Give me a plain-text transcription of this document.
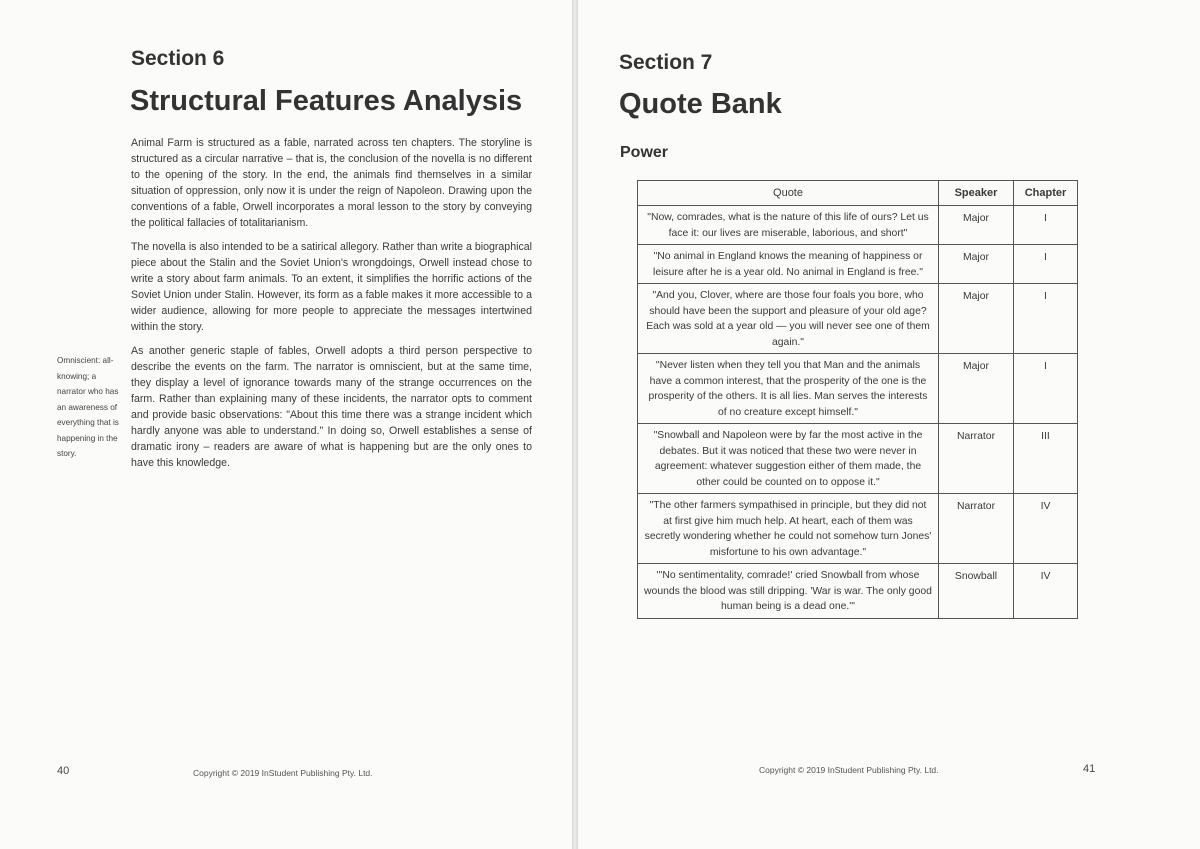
Section 6
Structural Features Analysis

Animal Farm is structured as a fable, narrated across ten chapters. The storyline is structured as a circular narrative – that is, the conclusion of the novella is no different to the opening of the story. In the end, the animals find themselves in a similar situation of oppression, only now it is under the reign of Napoleon. Drawing upon the conventions of a fable, Orwell incorporates a moral lesson to the story by conveying the political fallacies of totalitarianism.

The novella is also intended to be a satirical allegory. Rather than write a biographical piece about the Stalin and the Soviet Union's wrongdoings, Orwell instead chose to write a story about farm animals. To an extent, it simplifies the horrific actions of the Soviet Union under Stalin. However, its form as a fable makes it more accessible to a wider audience, allowing for more people to appreciate the messages intertwined within the story.

As another generic staple of fables, Orwell adopts a third person perspective to describe the events on the farm. The narrator is omniscient, but at the same time, they display a level of ignorance towards many of the strange occurrences on the farm. Rather than explaining many of these incidents, the narrator opts to comment and provide basic observations: "About this time there was a strange incident which hardly anyone was able to understand." In doing so, Orwell establishes a sense of dramatic irony – readers are aware of what is happening but are the only ones to have this knowledge.

Omniscient: all-knowing; a narrator who has an awareness of everything that is happening in the story.
40	Copyright © 2019 InStudent Publishing Pty. Ltd.
Section 7
Quote Bank
Power
Quote	Speaker	Chapter
"Now, comrades, what is the nature of this life of ours? Let us face it: our lives are miserable, laborious, and short"	Major	I
"No animal in England knows the meaning of happiness or leisure after he is a year old. No animal in England is free."	Major	I
"And you, Clover, where are those four foals you bore, who should have been the support and pleasure of your old age? Each was sold at a year old — you will never see one of them again."	Major	I
"Never listen when they tell you that Man and the animals have a common interest, that the prosperity of the one is the prosperity of the others. It is all lies. Man serves the interests of no creature except himself."	Major	I
"Snowball and Napoleon were by far the most active in the debates. But it was noticed that these two were never in agreement: whatever suggestion either of them made, the other could be counted on to oppose it."	Narrator	III
"The other farmers sympathised in principle, but they did not at first give him much help. At heart, each of them was secretly wondering whether he could not somehow turn Jones' misfortune to his own advantage."	Narrator	IV
"'No sentimentality, comrade!' cried Snowball from whose wounds the blood was still dripping. 'War is war. The only good human being is a dead one.'"	Snowball	IV
Copyright © 2019 InStudent Publishing Pty. Ltd.	41
